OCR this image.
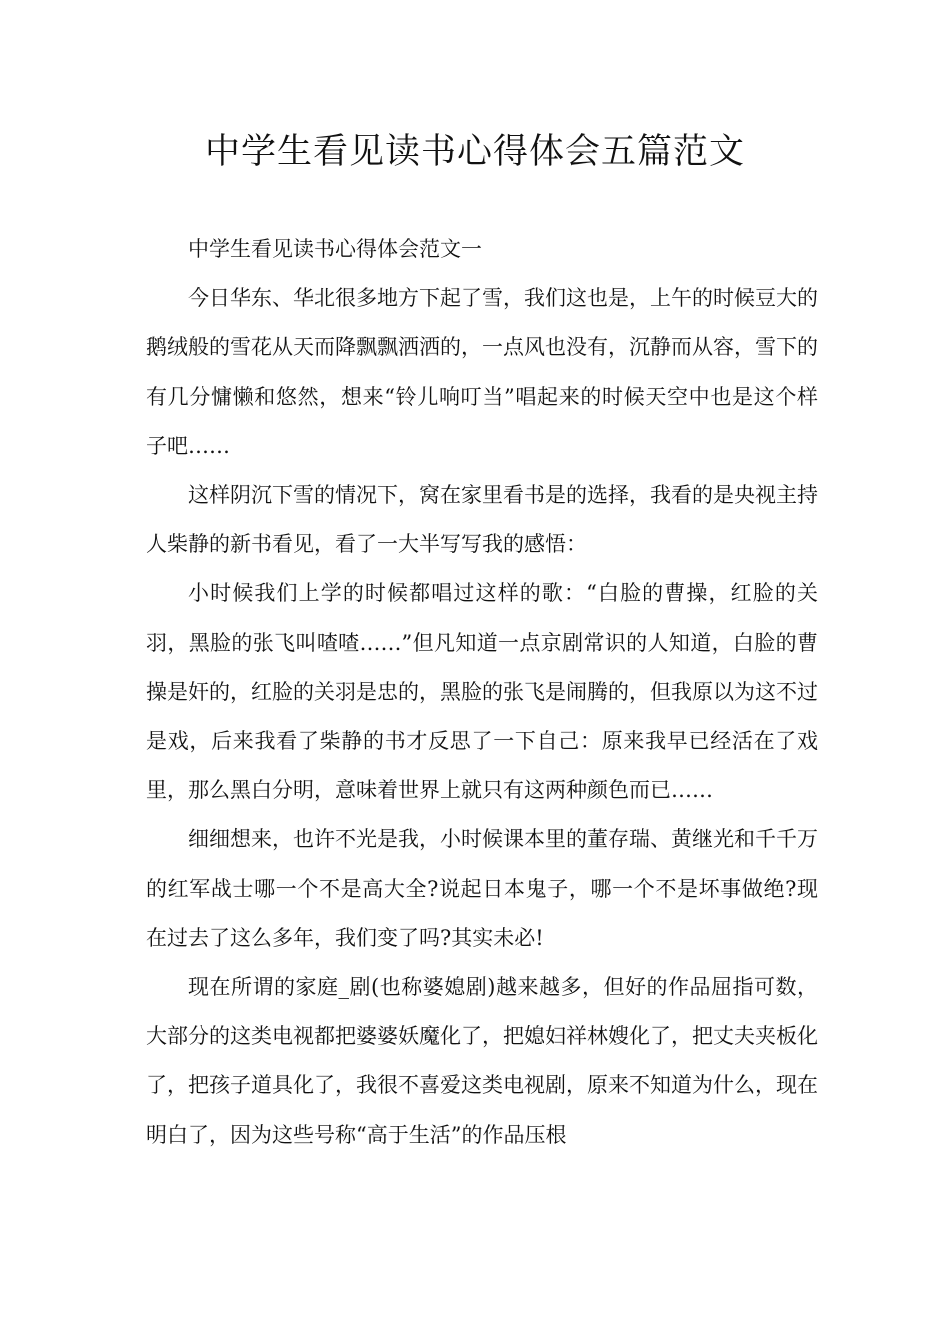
中学生看见读书心得体会五篇范文

中学生看见读书心得体会范文一

今日华东、华北很多地方下起了雪，我们这也是，上午的时候豆大的鹅绒般的雪花从天而降飘飘洒洒的，一点风也没有，沉静而从容，雪下的有几分慵懒和悠然，想来“铃儿响叮当”唱起来的时候天空中也是这个样子吧……

这样阴沉下雪的情况下，窝在家里看书是的选择，我看的是央视主持人柴静的新书看见，看了一大半写写我的感悟：

小时候我们上学的时候都唱过这样的歌：“白脸的曹操，红脸的关羽，黑脸的张飞叫喳喳……”但凡知道一点京剧常识的人知道，白脸的曹操是奸的，红脸的关羽是忠的，黑脸的张飞是闹腾的，但我原以为这不过是戏，后来我看了柴静的书才反思了一下自己：原来我早已经活在了戏里，那么黑白分明，意味着世界上就只有这两种颜色而已……

细细想来，也许不光是我，小时候课本里的董存瑞、黄继光和千千万的红军战士哪一个不是高大全?说起日本鬼子，哪一个不是坏事做绝?现在过去了这么多年，我们变了吗?其实未必!

现在所谓的家庭_剧(也称婆媳剧)越来越多，但好的作品屈指可数，大部分的这类电视都把婆婆妖魔化了，把媳妇祥林嫂化了，把丈夫夹板化了，把孩子道具化了，我很不喜爱这类电视剧，原来不知道为什么，现在明白了，因为这些号称“高于生活”的作品压根
